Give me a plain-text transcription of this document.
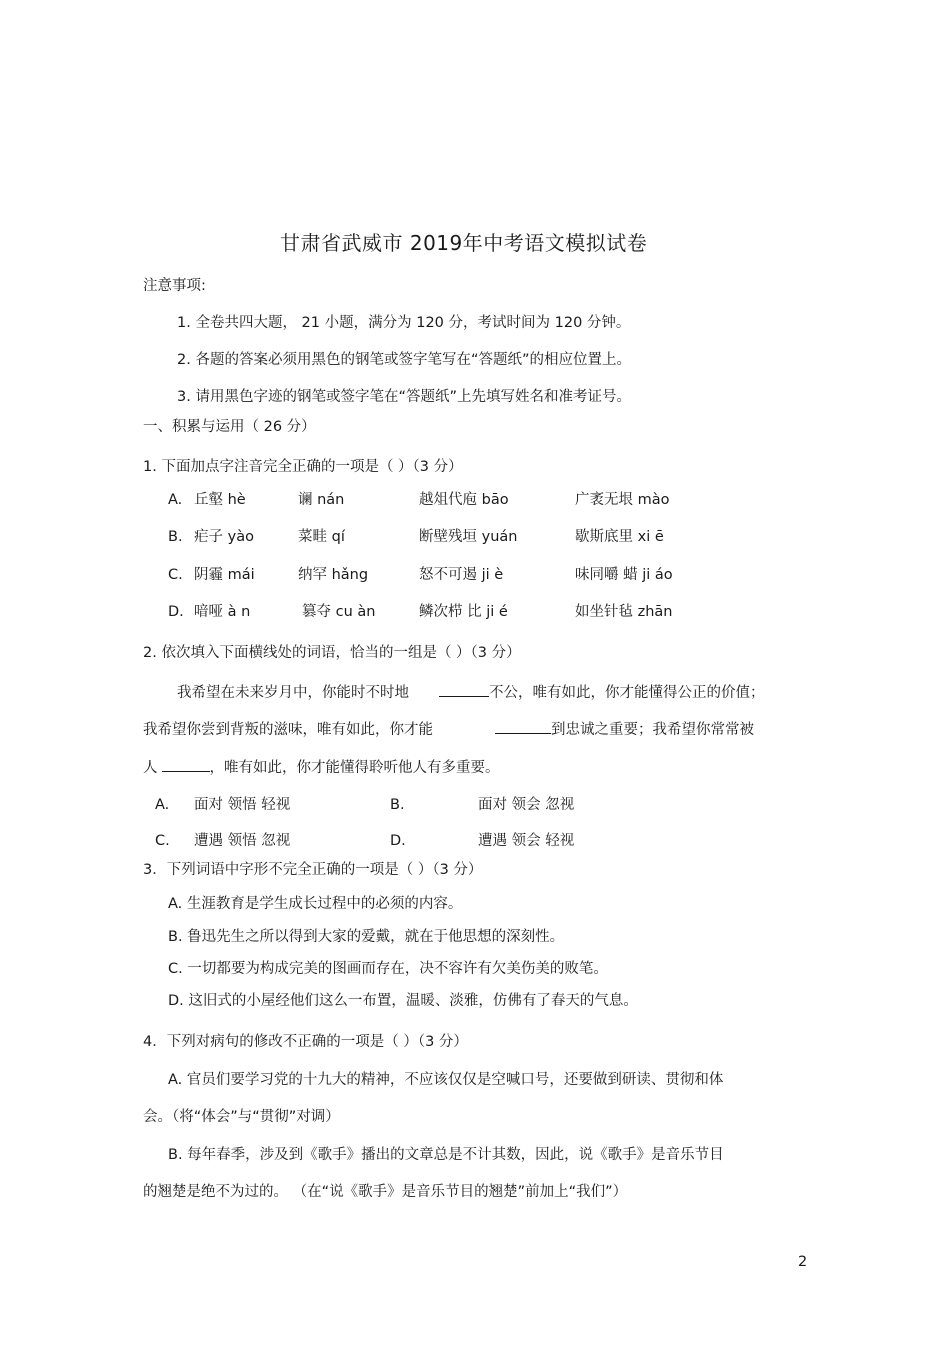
甘肃省武威市 2019年中考语文模拟试卷
注意事项:
1. 全卷共四大题， 21 小题，满分为 120 分，考试时间为 120 分钟。
2. 各题的答案必须用黑色的钢笔或签字笔写在“答题纸”的相应位置上。
3. 请用黑色字迹的钢笔或签字笔在“答题纸”上先填写姓名和准考证号。
一、积累与运用（ 26 分）
1. 下面加点字注音完全正确的一项是（ ）（3 分）
A. 丘壑 hè	谰 nán	越俎代庖 bāo	广袤无垠 mào
B. 疟子 yào	菜畦 qí	断壁残垣 yuán	歇斯底里 xi ē
C. 阴霾 mái	纳罕 hǎng	怒不可遏 ji è	味同嚼 蜡 ji áo
D. 喑哑 à n	篡夺 cu àn	鳞次栉 比 ji é	如坐针毡 zhān
2. 依次填入下面横线处的词语，恰当的一组是（ ）（3 分）
我希望在未来岁月中，你能时不时地	不公，唯有如此，你才能懂得公正的价值；
我希望你尝到背叛的滋味，唯有如此，你才能	到忠诚之重要；我希望你常常被
人	，唯有如此，你才能懂得聆听他人有多重要。
A. 面对 领悟 轻视	B.	面对 领会 忽视
C. 遭遇 领悟 忽视	D.	遭遇 领会 轻视
3．下列词语中字形不完全正确的一项是（ ）（3 分）
A. 生涯教育是学生成长过程中的必须的内容。
B. 鲁迅先生之所以得到大家的爱戴，就在于他思想的深刻性。
C. 一切都要为构成完美的图画而存在，决不容许有欠美伤美的败笔。
D. 这旧式的小屋经他们这么一布置，温暖、淡雅，仿佛有了春天的气息。
4．下列对病句的修改不正确的一项是（ ）（3 分）
A. 官员们要学习党的十九大的精神，不应该仅仅是空喊口号，还要做到研读、贯彻和体
会。（将“体会”与“贯彻”对调）
B. 每年春季，涉及到《歌手》播出的文章总是不计其数，因此，说《歌手》是音乐节目
的翘楚是绝不为过的。 （在“说《歌手》是音乐节目的翘楚”前加上“我们”）
2
